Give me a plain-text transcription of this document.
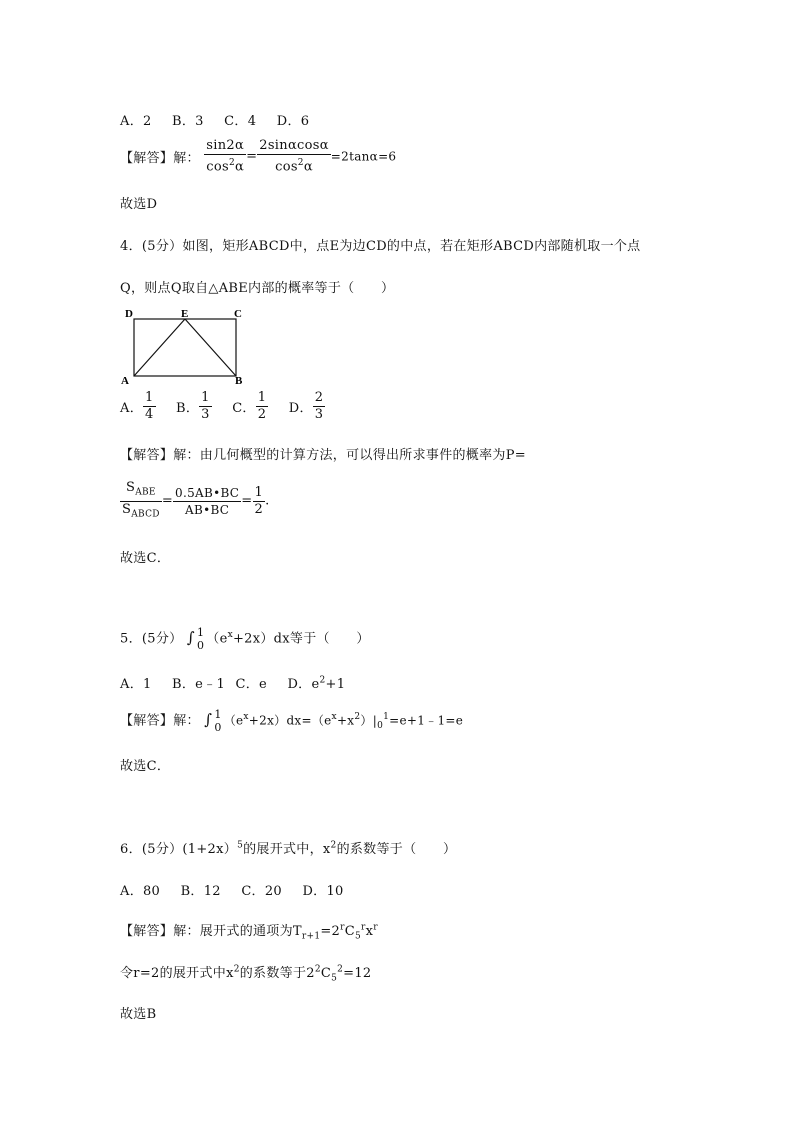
A．2 B．3 C．4 D．6
【解答】解： $\frac{\sin 2\alpha}{\cos^2\alpha} = \frac{2\sin\alpha\cos\alpha}{\cos^2\alpha} =2\tan\alpha=6$
故选D
4．(5分）如图，矩形ABCD中，点E为边CD的中点，若在矩形ABCD内部随机取一个点
Q，则点Q取自△ABE内部的概率等于（　　）
D	E	C
A	B
A． $\frac{1}{4}$ B． $\frac{1}{3}$ C． $\frac{1}{2}$ D． $\frac{2}{3}$
【解答】解：由几何概型的计算方法，可以得出所求事件的概率为P=
$\frac{S_{ABE}}{S_{ABCD}} = \frac{0.5AB•BC}{AB•BC} = \frac{1}{2}$ .
故选C．
5．(5分） ∫ 1
0 $(e^x+2x)dx$等于（　　）
A．1 B．e﹣1 C．e D．$e^2+1$
【解答】解： ∫ 1
0 $(e^x+2x)dx=(e^x+x^2)|_0^1=e+1﹣1=e$
故选C．
6．(5分）(1+2x）$^5$的展开式中，$x^2$的系数等于（　　）
A．80 B．12 C．20 D．10
【解答】解：展开式的通项为$T_{r+1}=2^rC_5^rx^r$
令r=2的展开式中$x^2$的系数等于$2^2C_5^2=12$
故选B
